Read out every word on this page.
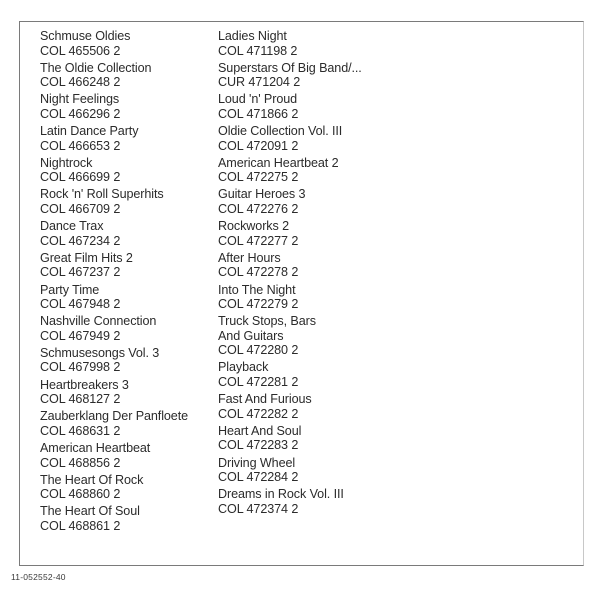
Schmuse Oldies
COL 465506 2
The Oldie Collection
COL 466248 2
Night Feelings
COL 466296 2
Latin Dance Party
COL 466653 2
Nightrock
COL 466699 2
Rock 'n' Roll Superhits
COL 466709 2
Dance Trax
COL 467234 2
Great Film Hits 2
COL 467237 2
Party Time
COL 467948 2
Nashville Connection
COL 467949 2
Schmusesongs Vol. 3
COL 467998 2
Heartbreakers 3
COL 468127 2
Zauberklang Der Panfloete
COL 468631 2
American Heartbeat
COL 468856 2
The Heart Of Rock
COL 468860 2
The Heart Of Soul
COL 468861 2
Ladies Night
COL 471198 2
Superstars Of Big Band/...
CUR 471204 2
Loud 'n' Proud
COL 471866 2
Oldie Collection Vol. III
COL 472091 2
American Heartbeat 2
COL 472275 2
Guitar Heroes 3
COL 472276 2
Rockworks 2
COL 472277 2
After Hours
COL 472278 2
Into The Night
COL 472279 2
Truck Stops, Bars And Guitars
COL 472280 2
Playback
COL 472281 2
Fast And Furious
COL 472282 2
Heart And Soul
COL 472283 2
Driving Wheel
COL 472284 2
Dreams in Rock Vol. III
COL 472374 2
11-052552-40
